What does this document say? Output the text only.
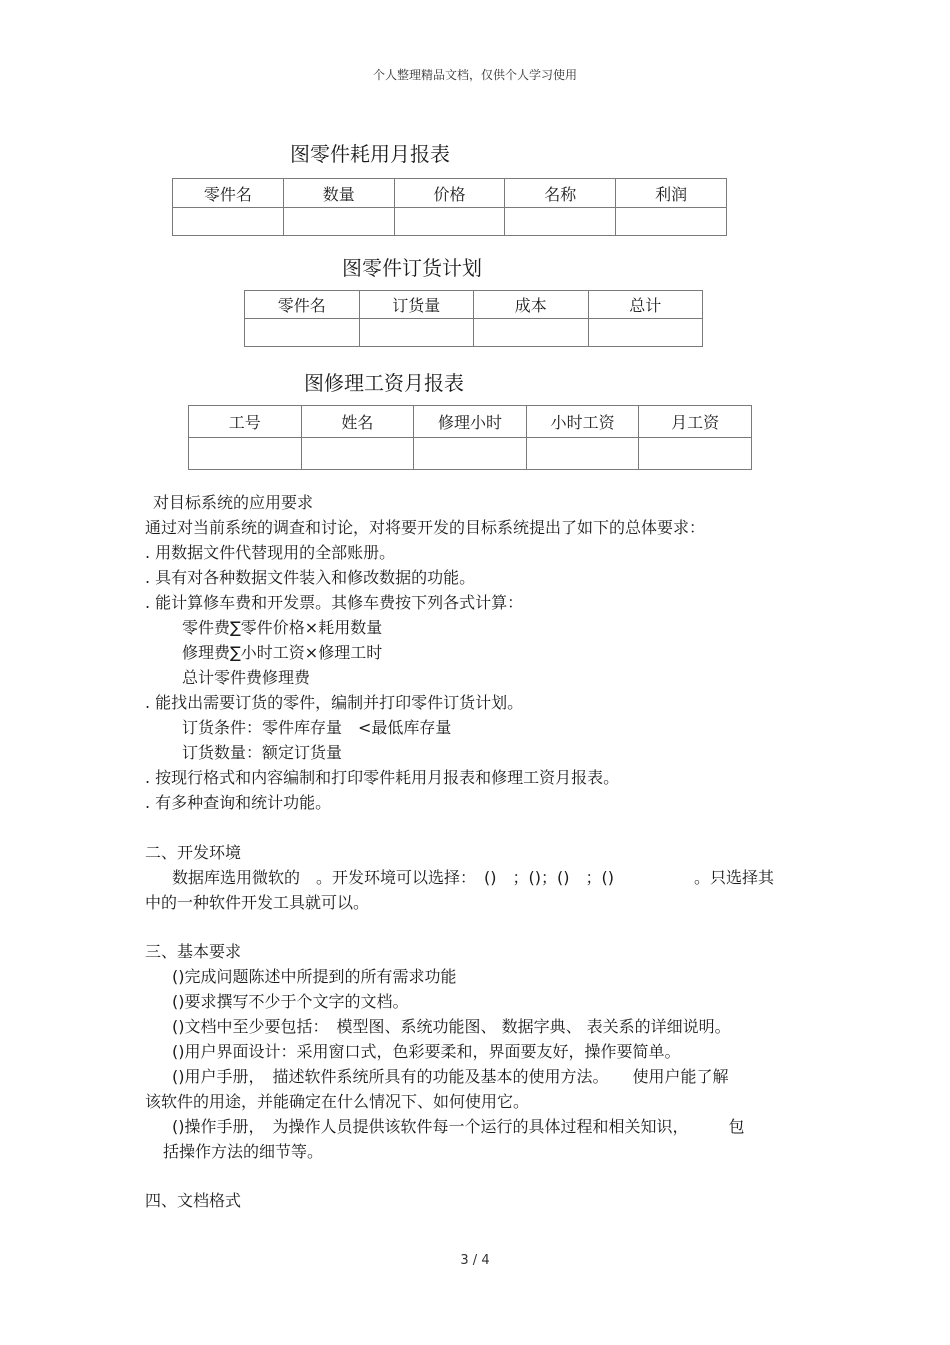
个人整理精品文档，仅供个人学习使用
图零件耗用月报表
零件名	数量	价格	名称	利润

图零件订货计划
零件名	订货量	成本	总计

图修理工资月报表
工号	姓名	修理小时	小时工资	月工资

对目标系统的应用要求
通过对当前系统的调查和讨论，对将要开发的目标系统提出了如下的总体要求：
. 用数据文件代替现用的全部账册。
. 具有对各种数据文件装入和修改数据的功能。
. 能计算修车费和开发票。其修车费按下列各式计算：
零件费∑零件价格×耗用数量
修理费∑小时工资×修理工时
总计零件费修理费
. 能找出需要订货的零件，编制并打印零件订货计划。
订货条件：零件库存量　<最低库存量
订货数量：额定订货量
. 按现行格式和内容编制和打印零件耗用月报表和修理工资月报表。
. 有多种查询和统计功能。
二、开发环境
数据库选用微软的　。开发环境可以选择：　()　；()；()　；()　　　　　。只选择其
中的一种软件开发工具就可以。
三、基本要求
()完成问题陈述中所提到的所有需求功能
()要求撰写不少于个文字的文档。
()文档中至少要包括：　模型图、系统功能图、 数据字典、 表关系的详细说明。
()用户界面设计：采用窗口式，色彩要柔和，界面要友好，操作要简单。
()用户手册，　描述软件系统所具有的功能及基本的使用方法。　　使用户能了解
该软件的用途，并能确定在什么情况下、如何使用它。
()操作手册，　为操作人员提供该软件每一个运行的具体过程和相关知识，　　　包
括操作方法的细节等。
四、文档格式
3 / 4
